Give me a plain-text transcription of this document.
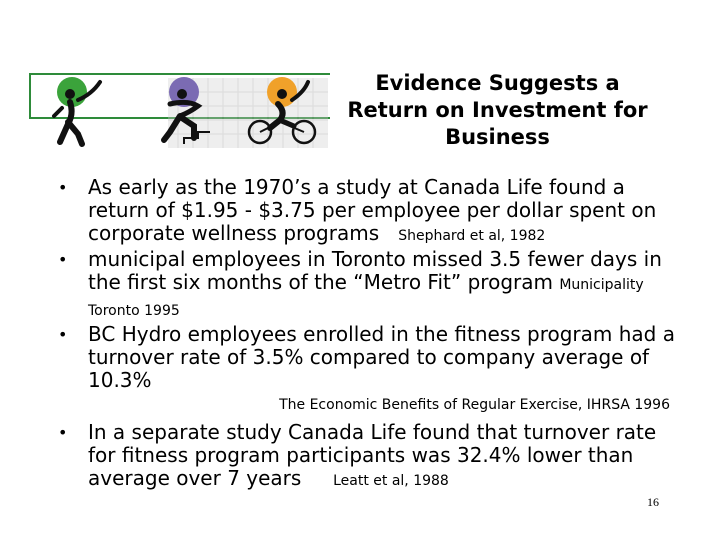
Evidence Suggests a
Return on Investment for
Business
• As early as the 1970’s a study at Canada Life found a return of $1.95 - $3.75 per employee per dollar spent on corporate wellness programs Shephard et al, 1982
• municipal employees in Toronto missed 3.5 fewer days in the first six months of the “Metro Fit” program Municipality Toronto 1995
• BC Hydro employees enrolled in the fitness program had a turnover rate of 3.5% compared to company average of 10.3%
The Economic Benefits of Regular Exercise, IHRSA 1996
• In a separate study Canada Life found that turnover rate for fitness program participants was 32.4% lower than average over 7 years Leatt et al, 1988
16
